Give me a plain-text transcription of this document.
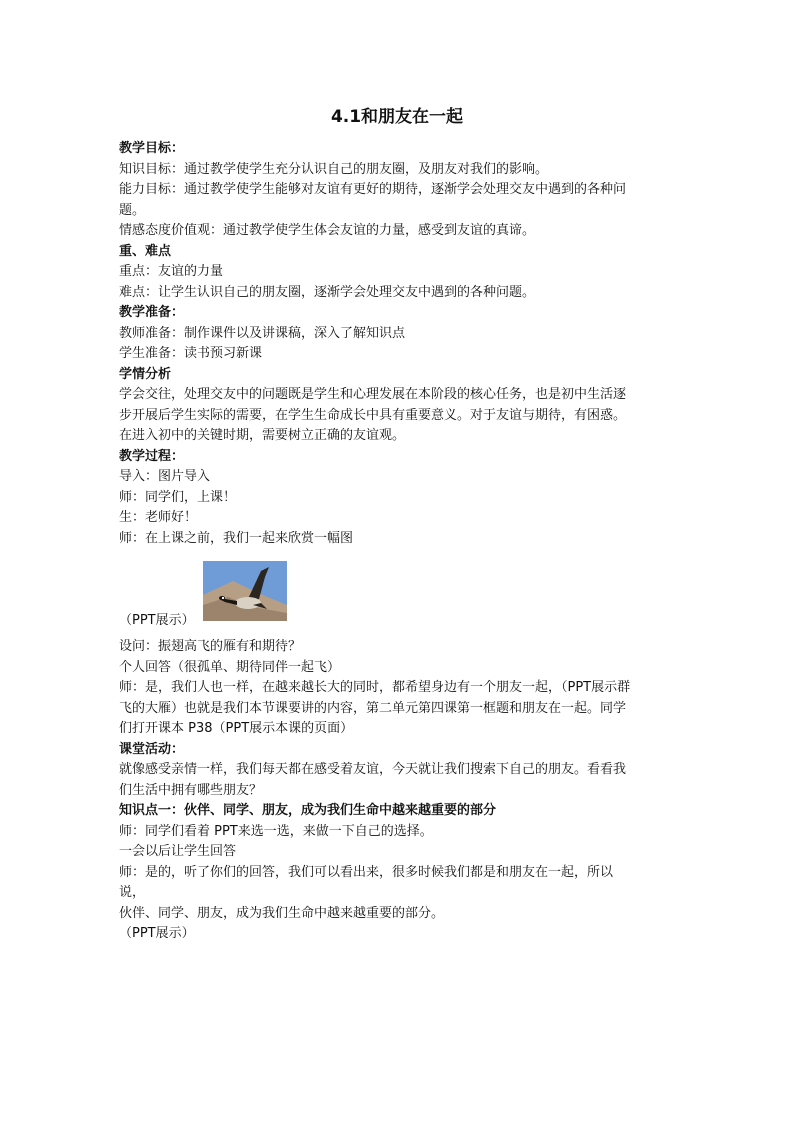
4.1和朋友在一起
教学目标：
知识目标：通过教学使学生充分认识自己的朋友圈，及朋友对我们的影响。
能力目标：通过教学使学生能够对友谊有更好的期待，逐渐学会处理交友中遇到的各种问
题。
情感态度价值观：通过教学使学生体会友谊的力量，感受到友谊的真谛。
重、难点
重点：友谊的力量
难点：让学生认识自己的朋友圈，逐渐学会处理交友中遇到的各种问题。
教学准备：
教师准备：制作课件以及讲课稿，深入了解知识点
学生准备：读书预习新课
学情分析
学会交往，处理交友中的问题既是学生和心理发展在本阶段的核心任务，也是初中生活逐
步开展后学生实际的需要，在学生生命成长中具有重要意义。对于友谊与期待，有困惑。
在进入初中的关键时期，需要树立正确的友谊观。
教学过程：
导入：图片导入
师：同学们，上课！
生：老师好！
师：在上课之前，我们一起来欣赏一幅图
（PPT展示）
设问：振翅高飞的雁有和期待？
个人回答（很孤单、期待同伴一起飞）
师：是，我们人也一样，在越来越长大的同时，都希望身边有一个朋友一起，（PPT展示群
飞的大雁）也就是我们本节课要讲的内容，第二单元第四课第一框题和朋友在一起。同学
们打开课本 P38（PPT展示本课的页面）
课堂活动：
就像感受亲情一样，我们每天都在感受着友谊，今天就让我们搜索下自己的朋友。看看我
们生活中拥有哪些朋友？
知识点一：伙伴、同学、朋友，成为我们生命中越来越重要的部分
师：同学们看着 PPT来选一选，来做一下自己的选择。
一会以后让学生回答
师：是的，听了你们的回答，我们可以看出来，很多时候我们都是和朋友在一起，所以
说，
伙伴、同学、朋友，成为我们生命中越来越重要的部分。
（PPT展示）
